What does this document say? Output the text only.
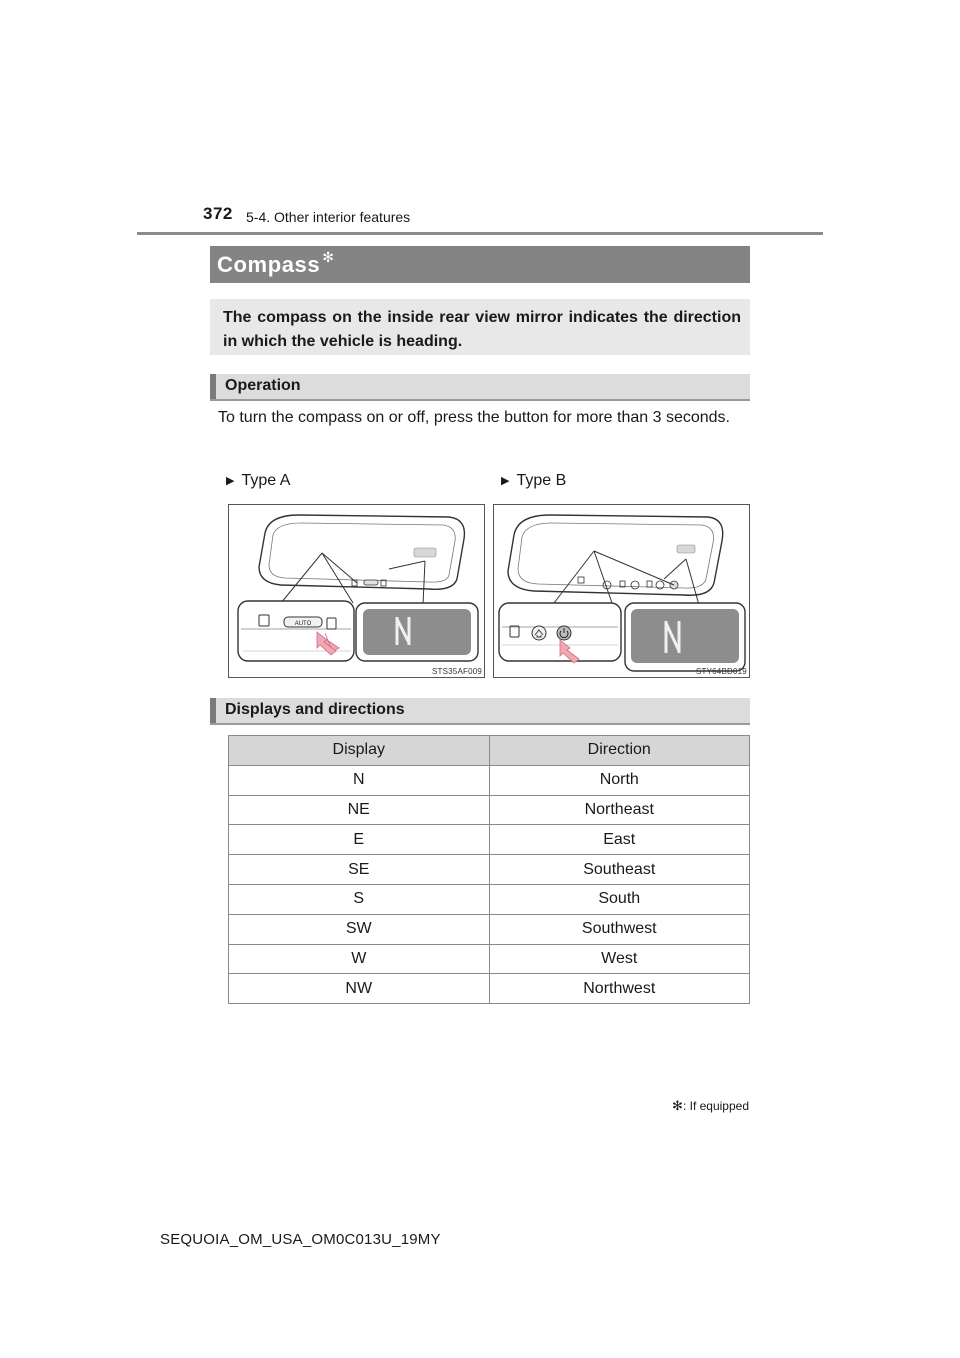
372 5-4. Other interior features
Compass ✻
The compass on the inside rear view mirror indicates the direction in which the vehicle is heading.
Operation
To turn the compass on or off, press the button for more than 3 seconds.
▶ Type A	▶ Type B
AUTO
STS35AF009	STY64BD019
Displays and directions
Display	Direction
N	North
NE	Northeast
E	East
SE	Southeast
S	South
SW	Southwest
W	West
NW	Northwest
✻: If equipped
SEQUOIA_OM_USA_OM0C013U_19MY
